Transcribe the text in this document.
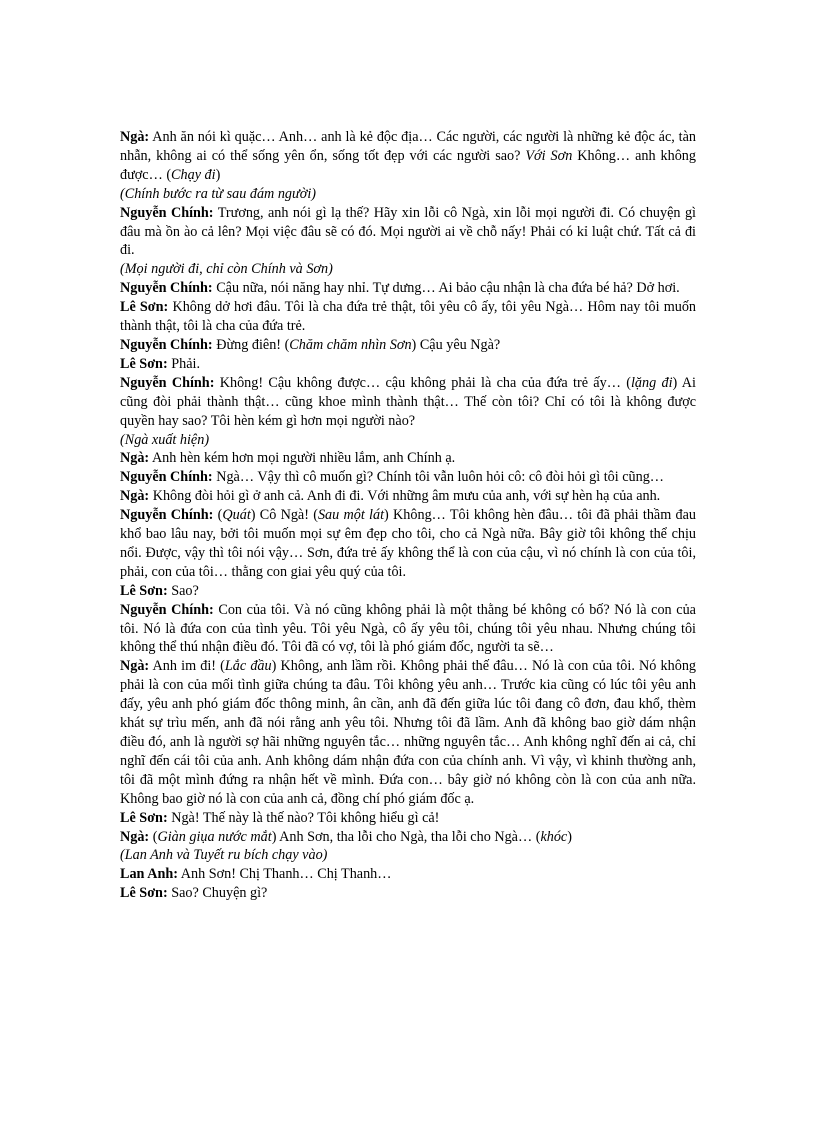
Ngà: Anh ăn nói kì quặc… Anh… anh là kẻ độc địa… Các người, các người là những kẻ độc ác, tàn nhẫn, không ai có thể sống yên ổn, sống tốt đẹp với các người sao? Với Sơn Không… anh không được… (Chạy đi)

(Chính bước ra từ sau đám người)

Nguyễn Chính: Trương, anh nói gì lạ thế? Hãy xin lỗi cô Ngà, xin lỗi mọi người đi. Có chuyện gì đâu mà ồn ào cả lên? Mọi việc đâu sẽ có đó. Mọi người ai về chỗ nấy! Phải có kỉ luật chứ. Tất cả đi đi.

(Mọi người đi, chỉ còn Chính và Sơn)

Nguyễn Chính: Cậu nữa, nói năng hay nhỉ. Tự dưng… Ai bảo cậu nhận là cha đứa bé hả? Dở hơi.

Lê Sơn: Không dở hơi đâu. Tôi là cha đứa trẻ thật, tôi yêu cô ấy, tôi yêu Ngà… Hôm nay tôi muốn thành thật, tôi là cha của đứa trẻ.

Nguyễn Chính: Đừng điên! (Chăm chăm nhìn Sơn) Cậu yêu Ngà?

Lê Sơn: Phải.

Nguyễn Chính: Không! Cậu không được… cậu không phải là cha của đứa trẻ ấy… (lặng đi) Ai cũng đòi phải thành thật… cũng khoe mình thành thật… Thế còn tôi? Chỉ có tôi là không được quyền hay sao? Tôi hèn kém gì hơn mọi người nào?

(Ngà xuất hiện)

Ngà: Anh hèn kém hơn mọi người nhiều lắm, anh Chính ạ.

Nguyễn Chính: Ngà… Vậy thì cô muốn gì? Chính tôi vẫn luôn hỏi cô: cô đòi hỏi gì tôi cũng…

Ngà: Không đòi hỏi gì ở anh cả. Anh đi đi. Với những âm mưu của anh, với sự hèn hạ của anh.

Nguyễn Chính: (Quát) Cô Ngà! (Sau một lát) Không… Tôi không hèn đâu… tôi đã phải thầm đau khổ bao lâu nay, bởi tôi muốn mọi sự êm đẹp cho tôi, cho cả Ngà nữa. Bây giờ tôi không thể chịu nổi. Được, vậy thì tôi nói vậy… Sơn, đứa trẻ ấy không thể là con của cậu, vì nó chính là con của tôi, phải, con của tôi… thằng con giai yêu quý của tôi.

Lê Sơn: Sao?

Nguyễn Chính: Con của tôi. Và nó cũng không phải là một thằng bé không có bố? Nó là con của tôi. Nó là đứa con của tình yêu. Tôi yêu Ngà, cô ấy yêu tôi, chúng tôi yêu nhau. Nhưng chúng tôi không thể thú nhận điều đó. Tôi đã có vợ, tôi là phó giám đốc, người ta sẽ…

Ngà: Anh im đi! (Lắc đầu) Không, anh lầm rồi. Không phải thế đâu… Nó là con của tôi. Nó không phải là con của mối tình giữa chúng ta đâu. Tôi không yêu anh… Trước kia cũng có lúc tôi yêu anh đấy, yêu anh phó giám đốc thông minh, ân cần, anh đã đến giữa lúc tôi đang cô đơn, đau khổ, thèm khát sự trìu mến, anh đã nói rằng anh yêu tôi. Nhưng tôi đã lầm. Anh đã không bao giờ dám nhận điều đó, anh là người sợ hãi những nguyên tắc… những nguyên tắc… Anh không nghĩ đến ai cả, chỉ nghĩ đến cái tôi của anh. Anh không dám nhận đứa con của chính anh. Vì vậy, vì khinh thường anh, tôi đã một mình đứng ra nhận hết về mình. Đứa con… bây giờ nó không còn là con của anh nữa. Không bao giờ nó là con của anh cả, đồng chí phó giám đốc ạ.

Lê Sơn: Ngà! Thế này là thế nào? Tôi không hiểu gì cả!

Ngà: (Giàn giụa nước mắt) Anh Sơn, tha lỗi cho Ngà, tha lỗi cho Ngà… (khóc)

(Lan Anh và Tuyết ru bích chạy vào)

Lan Anh: Anh Sơn! Chị Thanh… Chị Thanh…

Lê Sơn: Sao? Chuyện gì?
